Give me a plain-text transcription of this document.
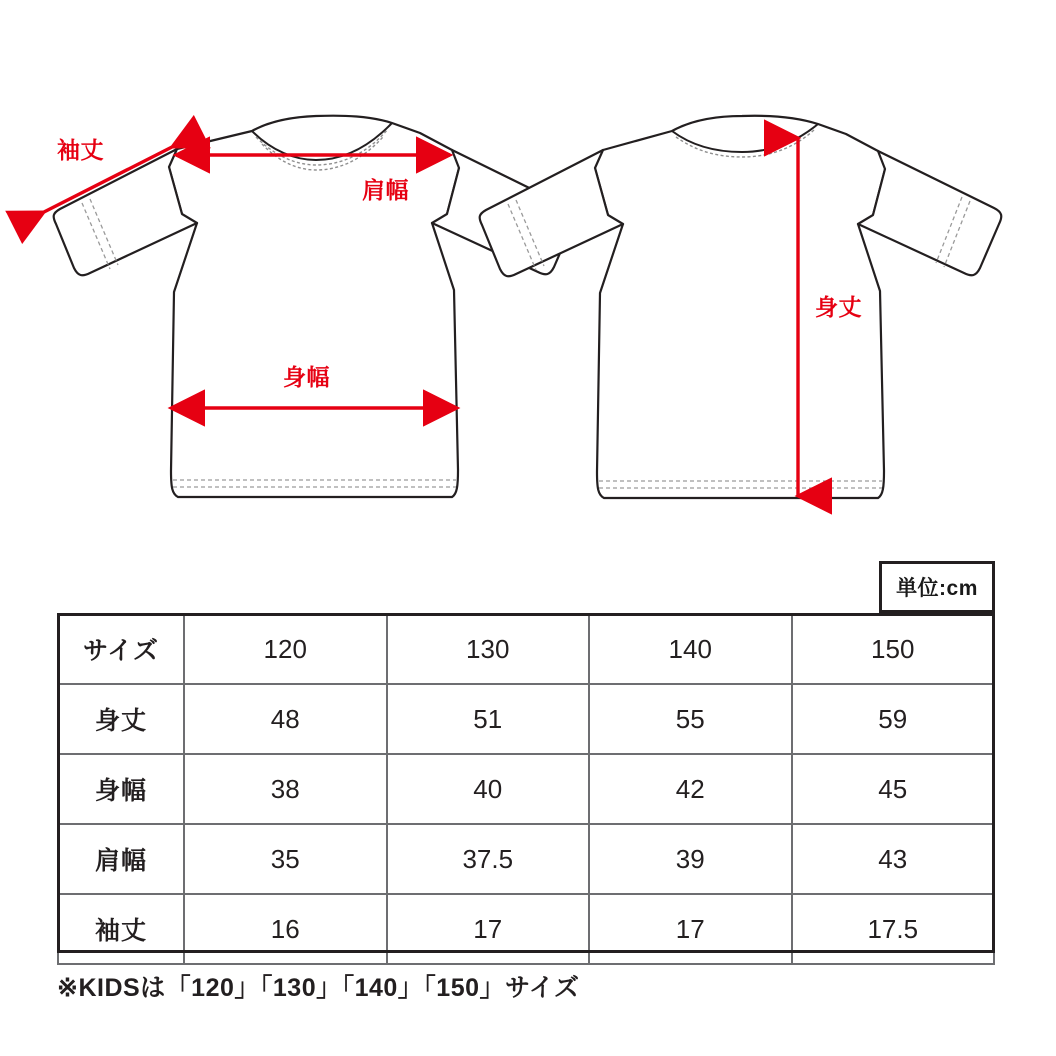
袖丈
肩幅
身幅
身丈
単位:cm
サイズ	120	130	140	150
身丈	48	51	55	59
身幅	38	40	42	45
肩幅	35	37.5	39	43
袖丈	16	17	17	17.5
※KIDSは「120」「130」「140」「150」サイズ
